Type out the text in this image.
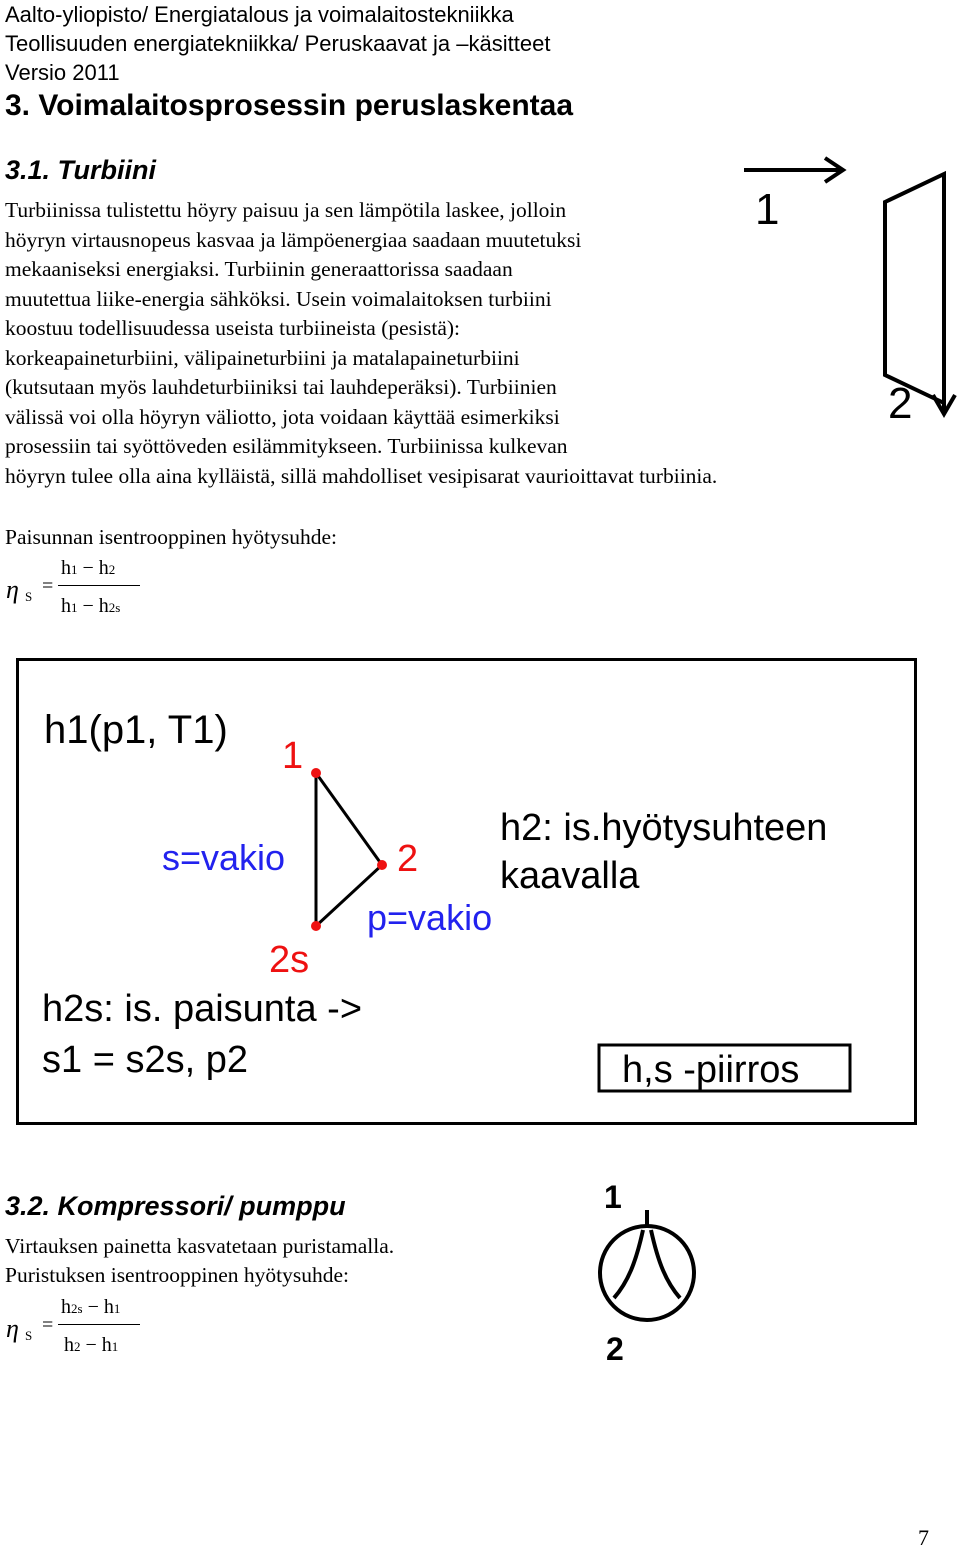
Aalto-yliopisto/ Energiatalous ja voimalaitostekniikka
Teollisuuden energiatekniikka/ Peruskaavat ja –käsitteet
Versio 2011
3. Voimalaitosprosessin peruslaskentaa
3.1. Turbiini
Turbiinissa tulistettu höyry paisuu ja sen lämpötila laskee, jolloin
höyryn virtausnopeus kasvaa ja lämpöenergiaa saadaan muutetuksi
mekaaniseksi energiaksi. Turbiinin generaattorissa saadaan
muutettua liike-energia sähköksi. Usein voimalaitoksen turbiini
koostuu todellisuudessa useista turbiineista (pesistä):
korkeapaineturbiini, välipaineturbiini ja matalapaineturbiini
(kutsutaan myös lauhdeturbiiniksi tai lauhdeperäksi). Turbiinien
välissä voi olla höyryn väliotto, jota voidaan käyttää esimerkiksi
prosessiin tai syöttöveden esilämmitykseen. Turbiinissa kulkevan
höyryn tulee olla aina kylläistä, sillä mahdolliset vesipisarat vaurioittavat turbiinia.
1
2
Paisunnan isentrooppinen hyötysuhde:
η S =
h1 − h2
h1 − h2s
h1(p1, T1)
1
s=vakio	2
p=vakio
2s
h2: is.hyötysuhteen
kaavalla
h2s: is. paisunta ->
s1 = s2s, p2	h,s -piirros
3.2. Kompressori/ pumppu
Virtauksen painetta kasvatetaan puristamalla.
Puristuksen isentrooppinen hyötysuhde:
η S =
h2s − h1
h2 − h1
1
2
7
